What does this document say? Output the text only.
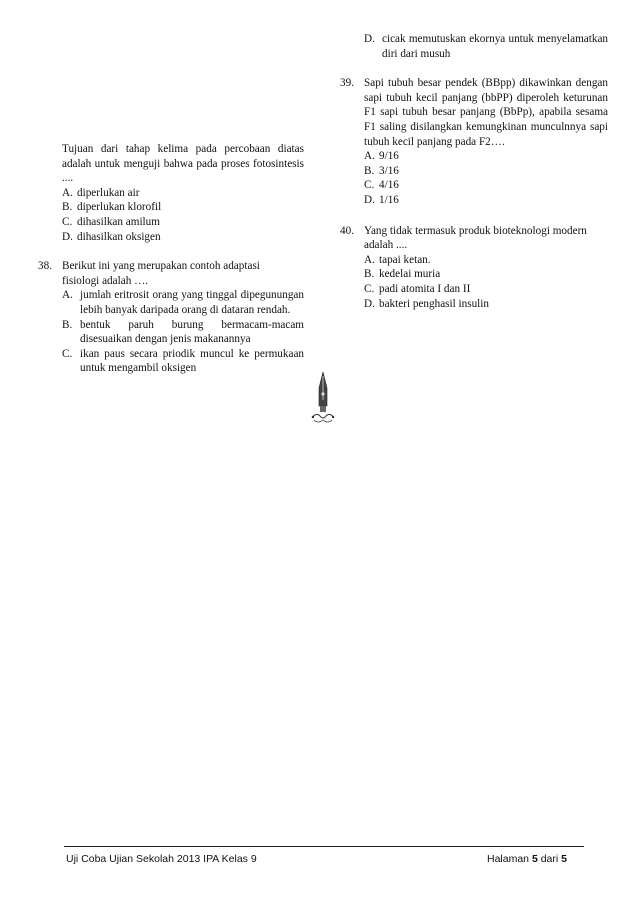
Tujuan dari tahap kelima pada percobaan diatas adalah untuk menguji bahwa pada proses fotosintesis ....

A. diperlukan air
B. diperlukan klorofil
C. dihasilkan amilum
D. dihasilkan oksigen
38. Berikut ini yang merupakan contoh adaptasi fisiologi adalah ….

A. jumlah eritrosit orang yang tinggal dipegunungan lebih banyak daripada orang di dataran rendah.
B. bentuk paruh burung bermacam-macam disesuaikan dengan jenis makanannya
C. ikan paus secara priodik muncul ke permukaan untuk mengambil oksigen
D. cicak memutuskan ekornya untuk menyelamatkan diri dari musuh
39. Sapi tubuh besar pendek (BBpp) dikawinkan dengan sapi tubuh kecil panjang (bbPP) diperoleh keturunan F1 sapi tubuh besar panjang (BbPp), apabila sesama F1 saling disilangkan kemungkinan munculnnya sapi tubuh kecil panjang pada F2….

A. 9/16
B. 3/16
C. 4/16
D. 1/16
40. Yang tidak termasuk produk bioteknologi modern adalah ....

A. tapai ketan.
B. kedelai muria
C. padi atomita I dan II
D. bakteri penghasil insulin
Uji Coba Ujian Sekolah 2013 IPA Kelas 9	Halaman 5 dari 5
